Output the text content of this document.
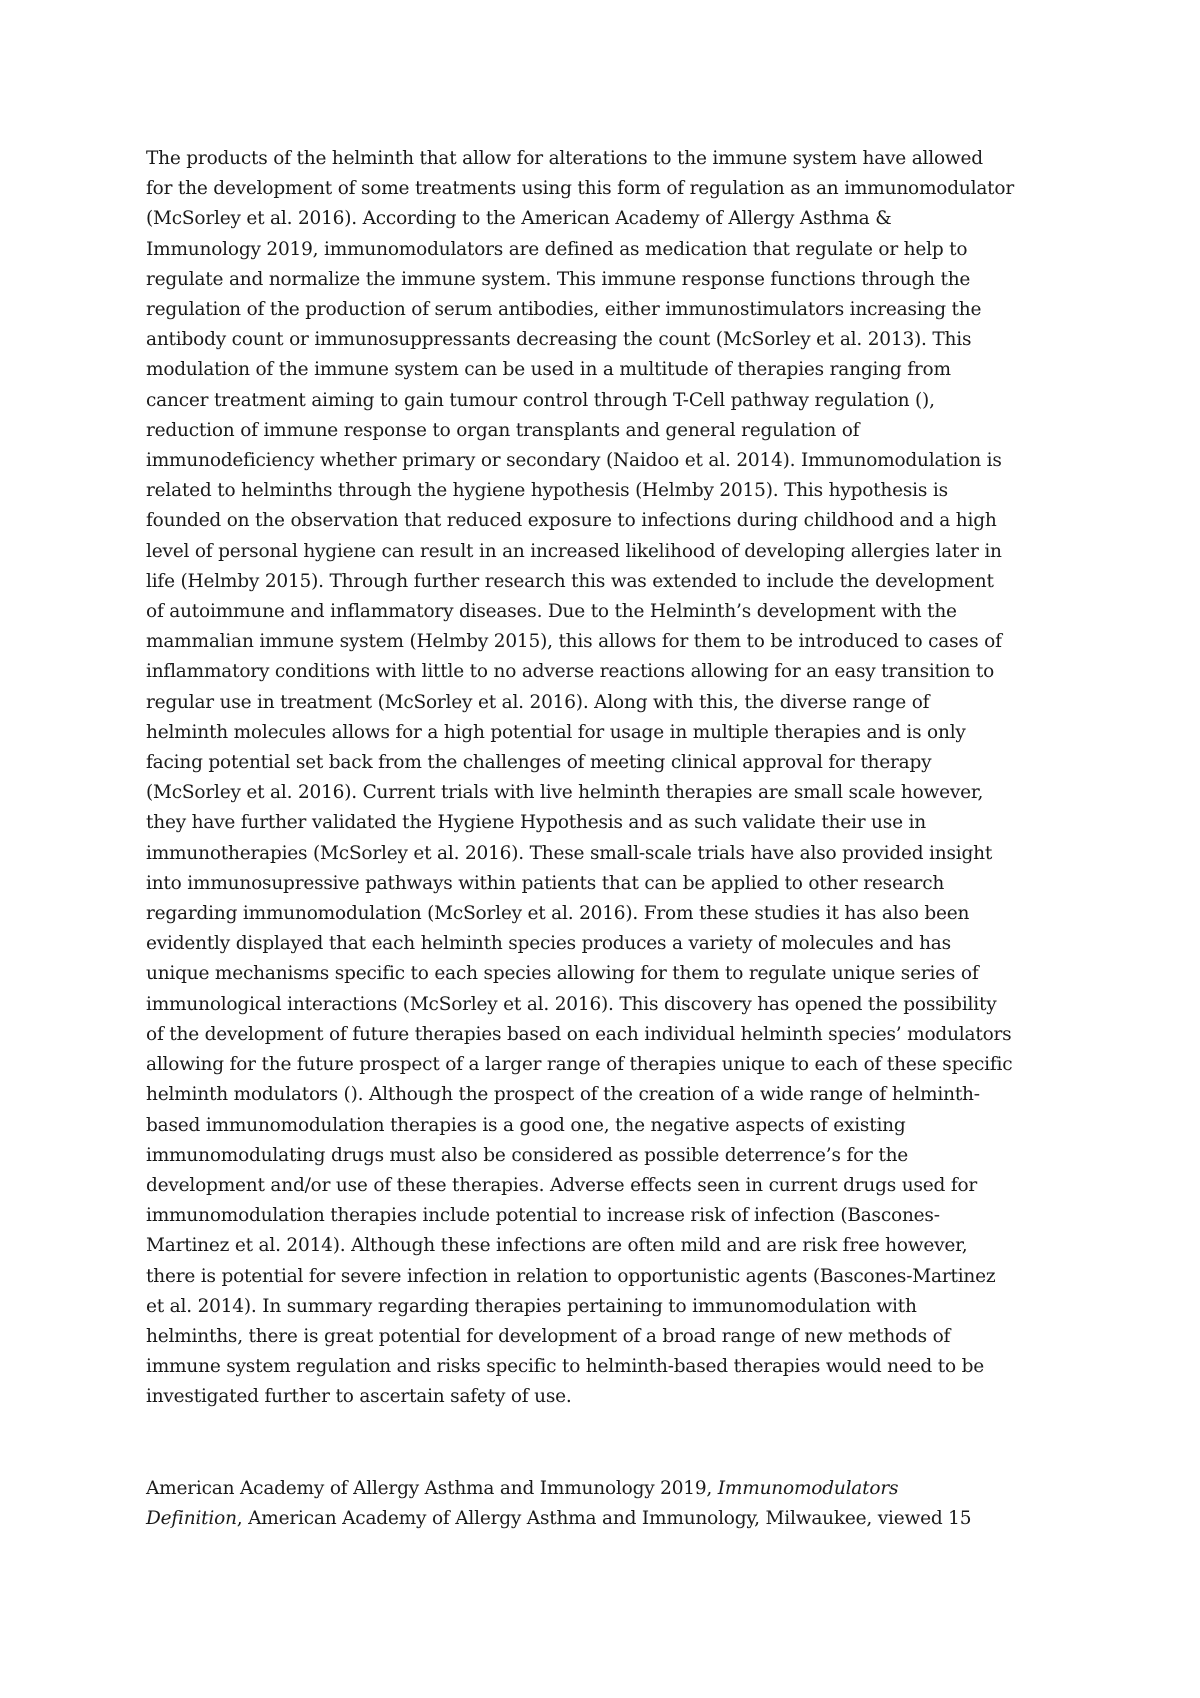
The products of the helminth that allow for alterations to the immune system have allowed
for the development of some treatments using this form of regulation as an immunomodulator
(McSorley et al. 2016). According to the American Academy of Allergy Asthma &
Immunology 2019, immunomodulators are defined as medication that regulate or help to
regulate and normalize the immune system. This immune response functions through the
regulation of the production of serum antibodies, either immunostimulators increasing the
antibody count or immunosuppressants decreasing the count (McSorley et al. 2013). This
modulation of the immune system can be used in a multitude of therapies ranging from
cancer treatment aiming to gain tumour control through T-Cell pathway regulation (),
reduction of immune response to organ transplants and general regulation of
immunodeficiency whether primary or secondary (Naidoo et al. 2014). Immunomodulation is
related to helminths through the hygiene hypothesis (Helmby 2015). This hypothesis is
founded on the observation that reduced exposure to infections during childhood and a high
level of personal hygiene can result in an increased likelihood of developing allergies later in
life (Helmby 2015). Through further research this was extended to include the development
of autoimmune and inflammatory diseases. Due to the Helminth’s development with the
mammalian immune system (Helmby 2015), this allows for them to be introduced to cases of
inflammatory conditions with little to no adverse reactions allowing for an easy transition to
regular use in treatment (McSorley et al. 2016). Along with this, the diverse range of
helminth molecules allows for a high potential for usage in multiple therapies and is only
facing potential set back from the challenges of meeting clinical approval for therapy
(McSorley et al. 2016). Current trials with live helminth therapies are small scale however,
they have further validated the Hygiene Hypothesis and as such validate their use in
immunotherapies (McSorley et al. 2016). These small-scale trials have also provided insight
into immunosupressive pathways within patients that can be applied to other research
regarding immunomodulation (McSorley et al. 2016). From these studies it has also been
evidently displayed that each helminth species produces a variety of molecules and has
unique mechanisms specific to each species allowing for them to regulate unique series of
immunological interactions (McSorley et al. 2016). This discovery has opened the possibility
of the development of future therapies based on each individual helminth species’ modulators
allowing for the future prospect of a larger range of therapies unique to each of these specific
helminth modulators (). Although the prospect of the creation of a wide range of helminth-
based immunomodulation therapies is a good one, the negative aspects of existing
immunomodulating drugs must also be considered as possible deterrence’s for the
development and/or use of these therapies. Adverse effects seen in current drugs used for
immunomodulation therapies include potential to increase risk of infection (Bascones-
Martinez et al. 2014). Although these infections are often mild and are risk free however,
there is potential for severe infection in relation to opportunistic agents (Bascones-Martinez
et al. 2014). In summary regarding therapies pertaining to immunomodulation with
helminths, there is great potential for development of a broad range of new methods of
immune system regulation and risks specific to helminth-based therapies would need to be
investigated further to ascertain safety of use.
American Academy of Allergy Asthma and Immunology 2019, Immunomodulators
Definition, American Academy of Allergy Asthma and Immunology, Milwaukee, viewed 15
